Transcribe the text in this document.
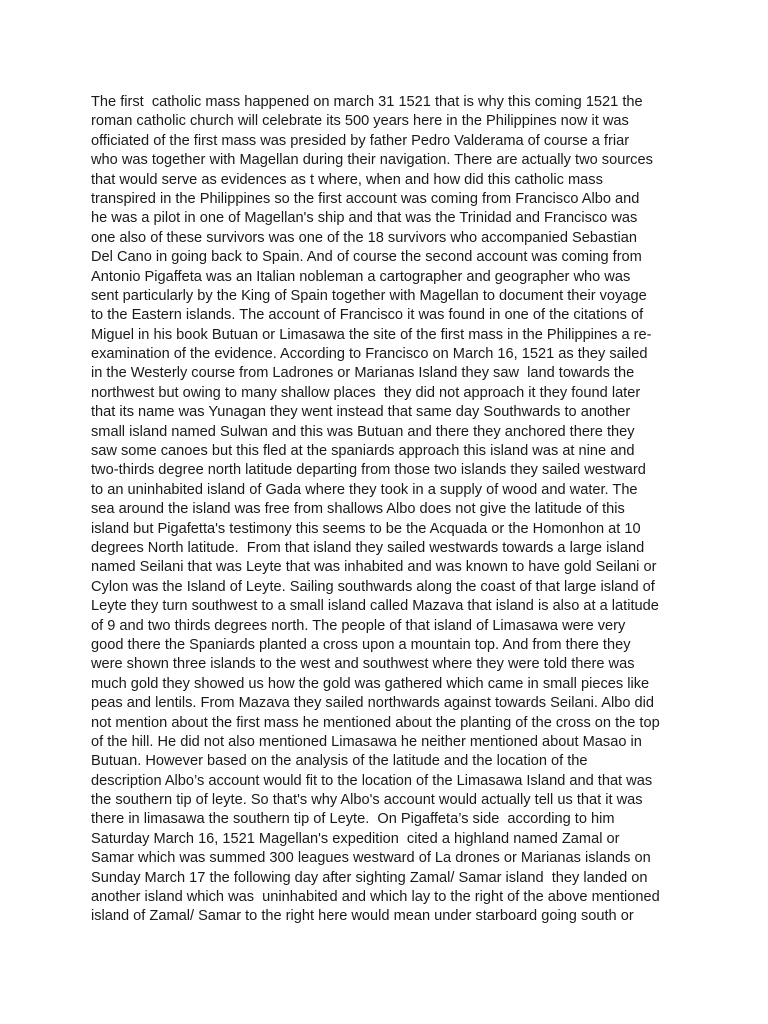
The first  catholic mass happened on march 31 1521 that is why this coming 1521 the
roman catholic church will celebrate its 500 years here in the Philippines now it was
officiated of the first mass was presided by father Pedro Valderama of course a friar
who was together with Magellan during their navigation. There are actually two sources
that would serve as evidences as t where, when and how did this catholic mass
transpired in the Philippines so the first account was coming from Francisco Albo and
he was a pilot in one of Magellan's ship and that was the Trinidad and Francisco was
one also of these survivors was one of the 18 survivors who accompanied Sebastian
Del Cano in going back to Spain. And of course the second account was coming from
Antonio Pigaffeta was an Italian nobleman a cartographer and geographer who was
sent particularly by the King of Spain together with Magellan to document their voyage
to the Eastern islands. The account of Francisco it was found in one of the citations of
Miguel in his book Butuan or Limasawa the site of the first mass in the Philippines a re-
examination of the evidence. According to Francisco on March 16, 1521 as they sailed
in the Westerly course from Ladrones or Marianas Island they saw  land towards the
northwest but owing to many shallow places  they did not approach it they found later
that its name was Yunagan they went instead that same day Southwards to another
small island named Sulwan and this was Butuan and there they anchored there they
saw some canoes but this fled at the spaniards approach this island was at nine and
two-thirds degree north latitude departing from those two islands they sailed westward
to an uninhabited island of Gada where they took in a supply of wood and water. The
sea around the island was free from shallows Albo does not give the latitude of this
island but Pigafetta's testimony this seems to be the Acquada or the Homonhon at 10
degrees North latitude.  From that island they sailed westwards towards a large island
named Seilani that was Leyte that was inhabited and was known to have gold Seilani or
Cylon was the Island of Leyte. Sailing southwards along the coast of that large island of
Leyte they turn southwest to a small island called Mazava that island is also at a latitude
of 9 and two thirds degrees north. The people of that island of Limasawa were very
good there the Spaniards planted a cross upon a mountain top. And from there they
were shown three islands to the west and southwest where they were told there was
much gold they showed us how the gold was gathered which came in small pieces like
peas and lentils. From Mazava they sailed northwards against towards Seilani. Albo did
not mention about the first mass he mentioned about the planting of the cross on the top
of the hill. He did not also mentioned Limasawa he neither mentioned about Masao in
Butuan. However based on the analysis of the latitude and the location of the
description Albo’s account would fit to the location of the Limasawa Island and that was
the southern tip of leyte. So that's why Albo's account would actually tell us that it was
there in limasawa the southern tip of Leyte.  On Pigaffeta’s side  according to him
Saturday March 16, 1521 Magellan's expedition  cited a highland named Zamal or
Samar which was summed 300 leagues westward of La drones or Marianas islands on
Sunday March 17 the following day after sighting Zamal/ Samar island  they landed on
another island which was  uninhabited and which lay to the right of the above mentioned
island of Zamal/ Samar to the right here would mean under starboard going south or
